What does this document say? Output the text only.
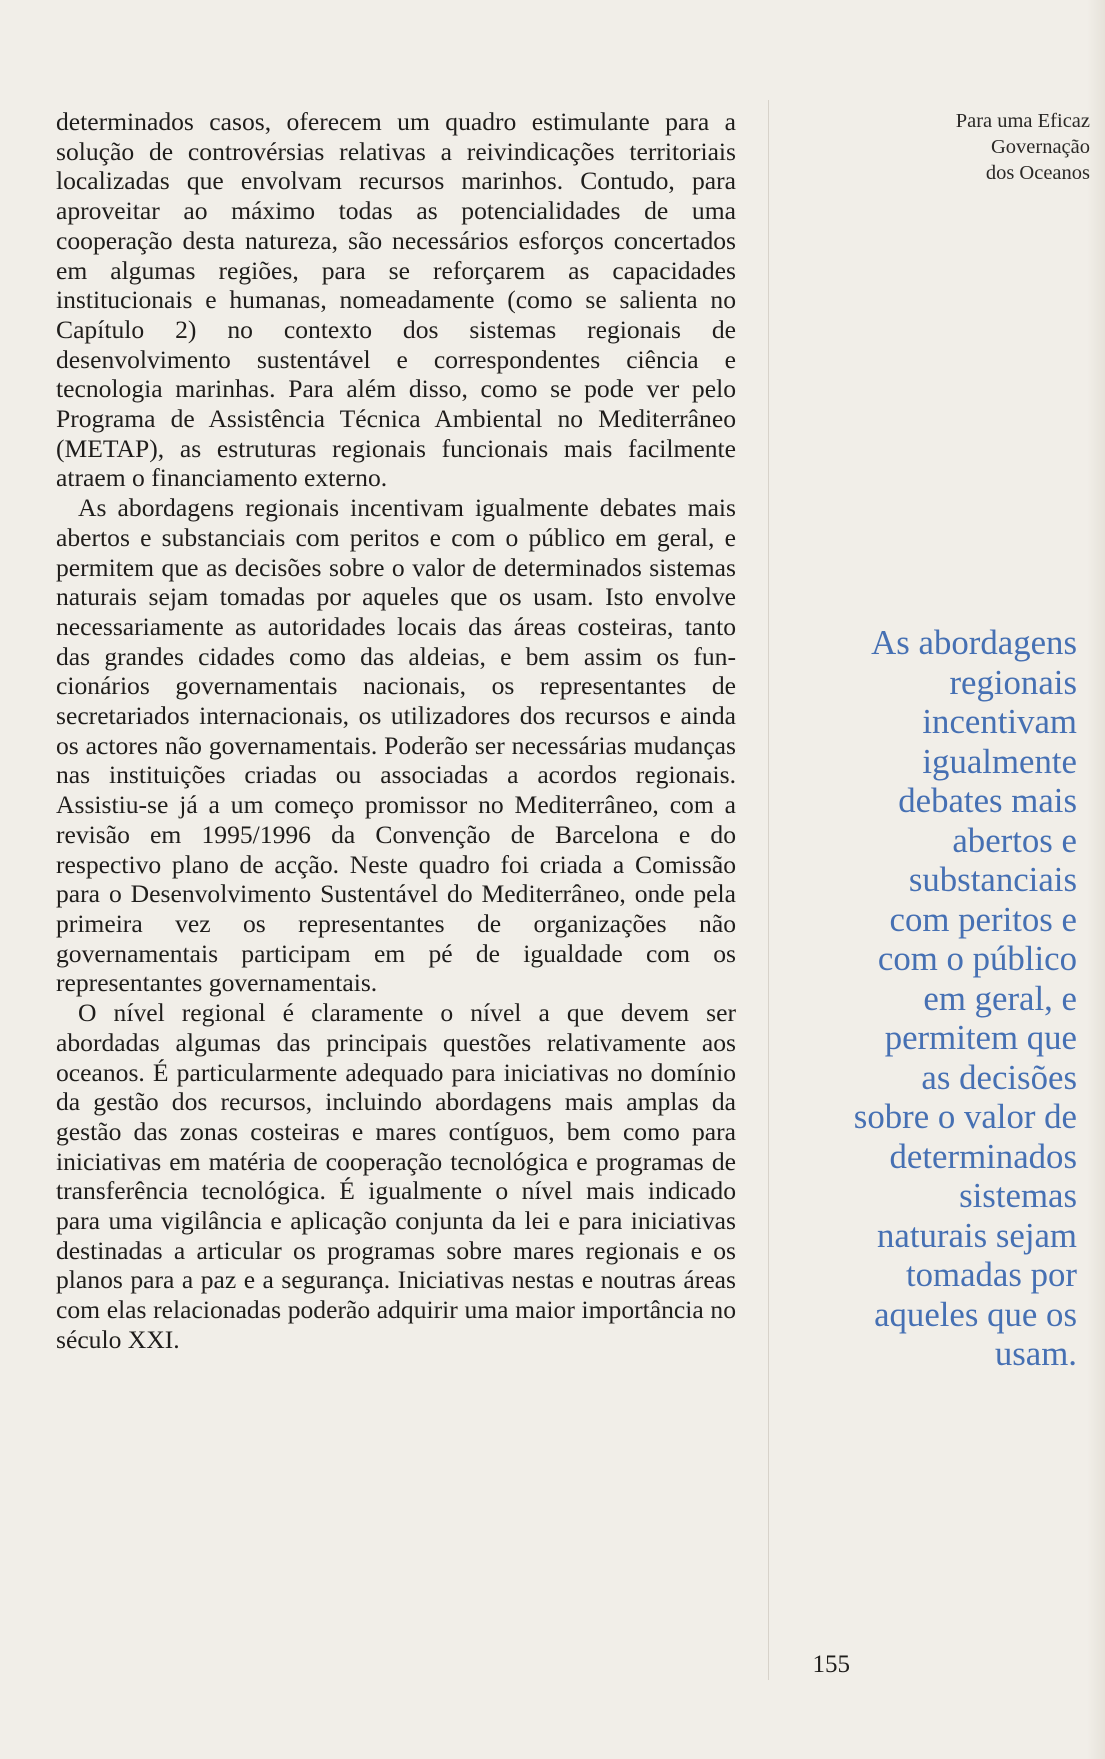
determinados casos, oferecem um quadro estimulante para a solução de controvérsias relativas a reivindicações territoriais localizadas que envolvam recursos marinhos. Contudo, para aproveitar ao máximo todas as potencialidades de uma cooperação desta natureza, são necessários esforços concertados em algumas regiões, para se reforçarem as capacidades institucionais e humanas, nomeadamente (como se salienta no Capítulo 2) no contexto dos sistemas regionais de desenvolvimento sustentável e correspondentes ciência e tecnologia marinhas. Para além disso, como se pode ver pelo Programa de Assistência Técnica Ambiental no Mediterrâneo (METAP), as estruturas regionais funcionais mais facilmente atraem o financiamento externo.

As abordagens regionais incentivam igualmente debates mais abertos e substanciais com peritos e com o público em geral, e permitem que as decisões sobre o valor de determinados sistemas naturais sejam tomadas por aqueles que os usam. Isto envolve necessariamente as autoridades locais das áreas costeiras, tanto das grandes cidades como das aldeias, e bem assim os funcionários governamentais nacionais, os representantes de secretariados internacionais, os utilizadores dos recursos e ainda os actores não governamentais. Poderão ser necessárias mudanças nas instituições criadas ou associadas a acordos regionais. Assistiu-se já a um começo promissor no Mediterrâneo, com a revisão em 1995/1996 da Convenção de Barcelona e do respectivo plano de acção. Neste quadro foi criada a Comissão para o Desenvolvimento Sustentável do Mediterrâneo, onde pela primeira vez os representantes de organizações não governamentais participam em pé de igualdade com os representantes governamentais.

O nível regional é claramente o nível a que devem ser abordadas algumas das principais questões relativamente aos oceanos. É particularmente adequado para iniciativas no domínio da gestão dos recursos, incluindo abordagens mais amplas da gestão das zonas costeiras e mares contíguos, bem como para iniciativas em matéria de cooperação tecnológica e programas de transferência tecnológica. É igualmente o nível mais indicado para uma vigilância e aplicação conjunta da lei e para iniciativas destinadas a articular os programas sobre mares regionais e os planos para a paz e a segurança. Iniciativas nestas e noutras áreas com elas relacionadas poderão adquirir uma maior importância no século XXI.

Para uma Eficaz
Governação
dos Oceanos
As abordagens
regionais
incentivam
igualmente
debates mais
abertos e
substanciais
com peritos e
com o público
em geral, e
permitem que
as decisões
sobre o valor de
determinados
sistemas
naturais sejam
tomadas por
aqueles que os
usam.
155
